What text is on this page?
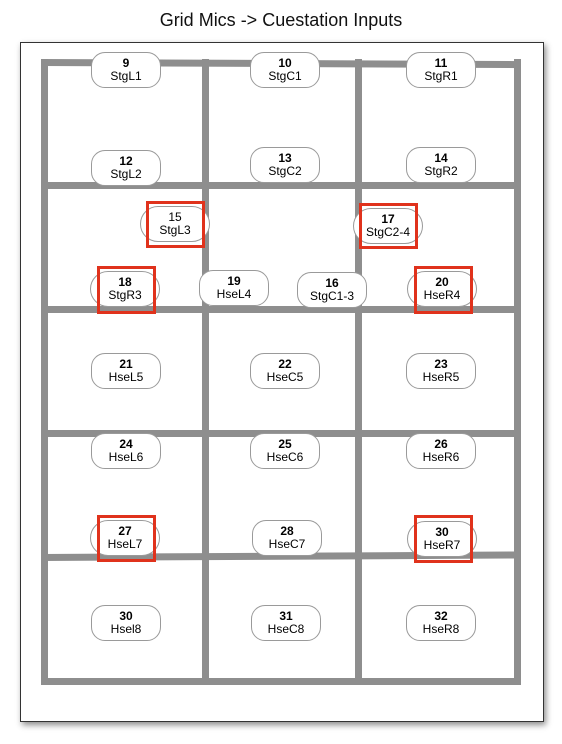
Grid Mics -> Cuestation Inputs
9
StgL1
10
StgC1
11
StgR1
12
StgL2
13
StgC2
14
StgR2
15
StgL3
17
StgC2-4
18
StgR3
19
HseL4
16
StgC1-3
20
HseR4
21
HseL5
22
HseC5
23
HseR5
24
HseL6
25
HseC6
26
HseR6
27
HseL7
28
HseC7
30
HseR7
30
Hsel8
31
HseC8
32
HseR8
